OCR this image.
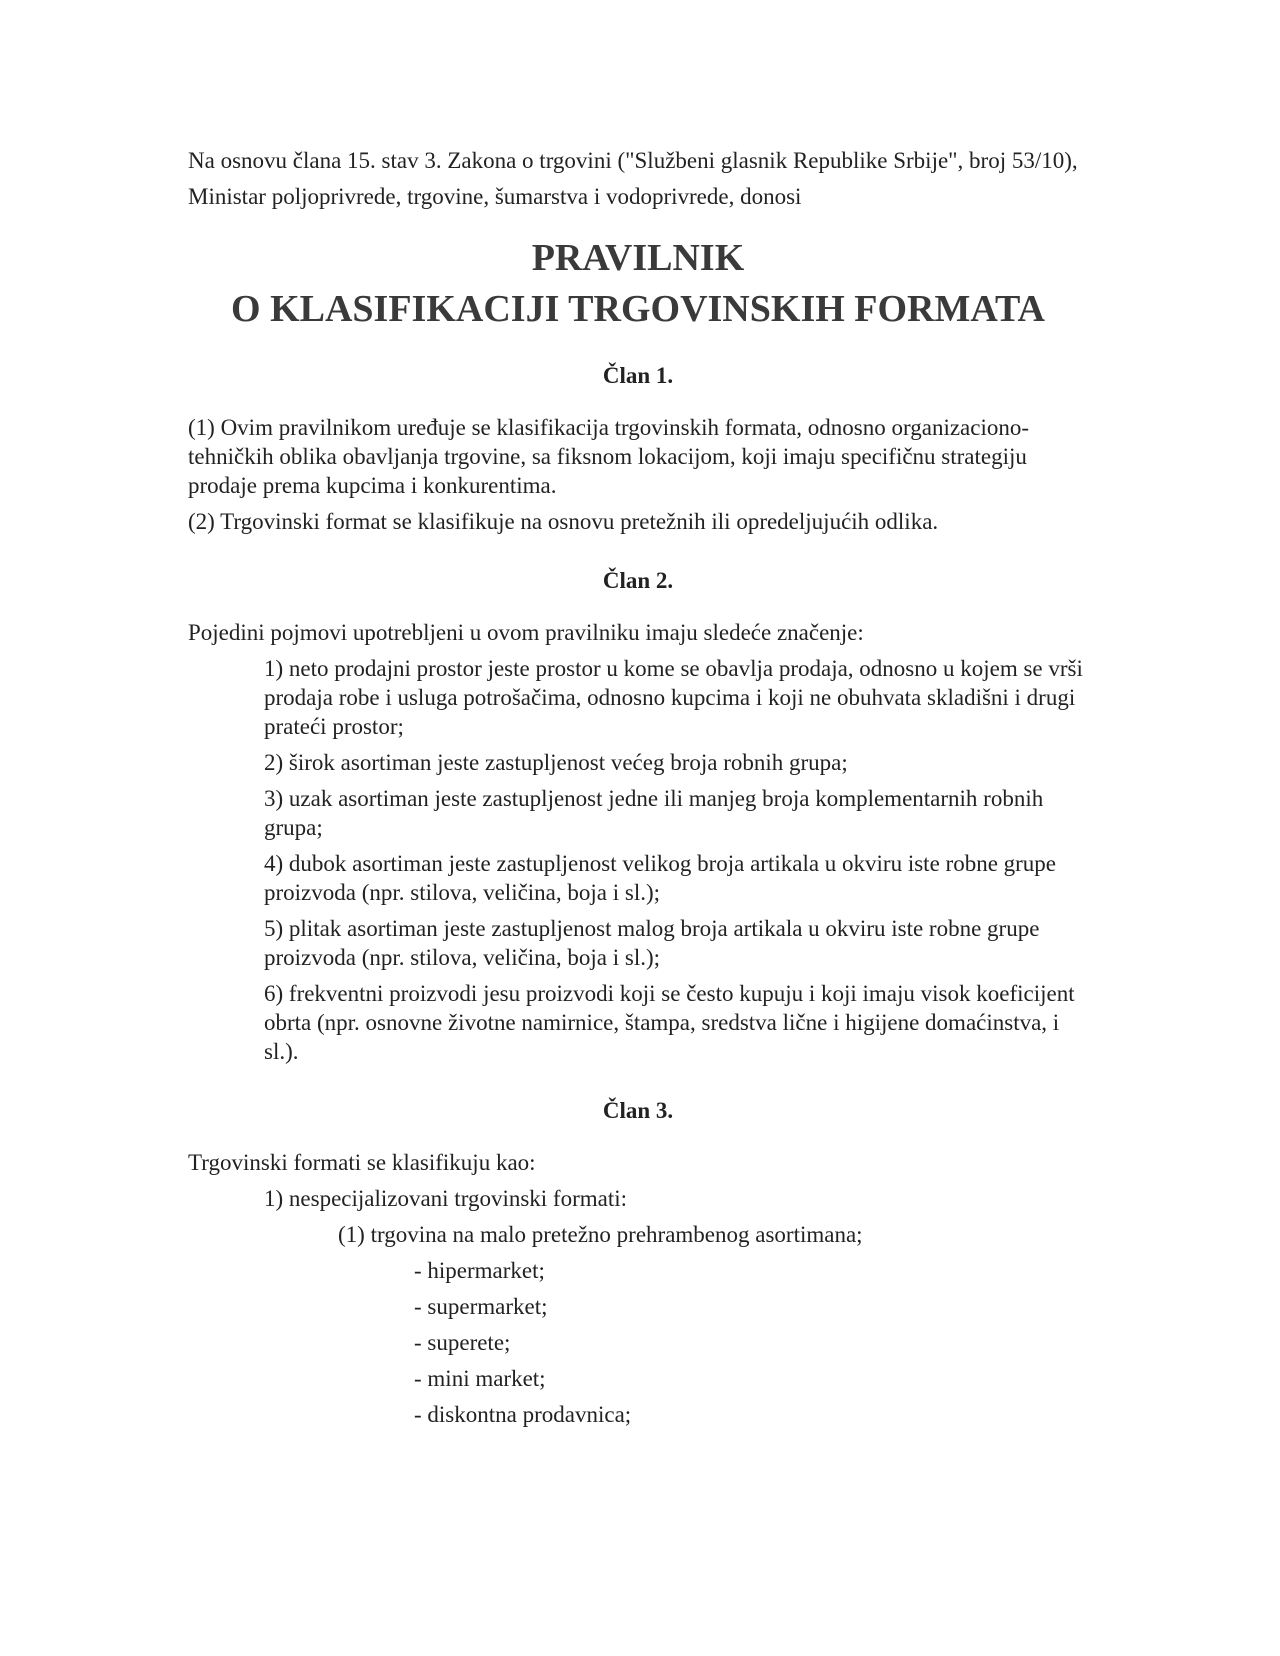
Na osnovu člana 15. stav 3. Zakona o trgovini ("Službeni glasnik Republike Srbije", broj 53/10),

Ministar poljoprivrede, trgovine, šumarstva i vodoprivrede, donosi

PRAVILNIK
O KLASIFIKACIJI TRGOVINSKIH FORMATA
Član 1.

(1) Ovim pravilnikom uređuje se klasifikacija trgovinskih formata, odnosno organizaciono-tehničkih oblika obavljanja trgovine, sa fiksnom lokacijom, koji imaju specifičnu strategiju prodaje prema kupcima i konkurentima.

(2) Trgovinski format se klasifikuje na osnovu pretežnih ili opredeljujućih odlika.

Član 2.

Pojedini pojmovi upotrebljeni u ovom pravilniku imaju sledeće značenje:

1) neto prodajni prostor jeste prostor u kome se obavlja prodaja, odnosno u kojem se vrši prodaja robe i usluga potrošačima, odnosno kupcima i koji ne obuhvata skladišni i drugi prateći prostor;

2) širok asortiman jeste zastupljenost većeg broja robnih grupa;

3) uzak asortiman jeste zastupljenost jedne ili manjeg broja komplementarnih robnih grupa;

4) dubok asortiman jeste zastupljenost velikog broja artikala u okviru iste robne grupe proizvoda (npr. stilova, veličina, boja i sl.);

5) plitak asortiman jeste zastupljenost malog broja artikala u okviru iste robne grupe proizvoda (npr. stilova, veličina, boja i sl.);

6) frekventni proizvodi jesu proizvodi koji se često kupuju i koji imaju visok koeficijent obrta (npr. osnovne životne namirnice, štampa, sredstva lične i higijene domaćinstva, i sl.).

Član 3.

Trgovinski formati se klasifikuju kao:

1) nespecijalizovani trgovinski formati:

(1) trgovina na malo pretežno prehrambenog asortimana;

- hipermarket;

- supermarket;

- superete;

- mini market;

- diskontna prodavnica;
